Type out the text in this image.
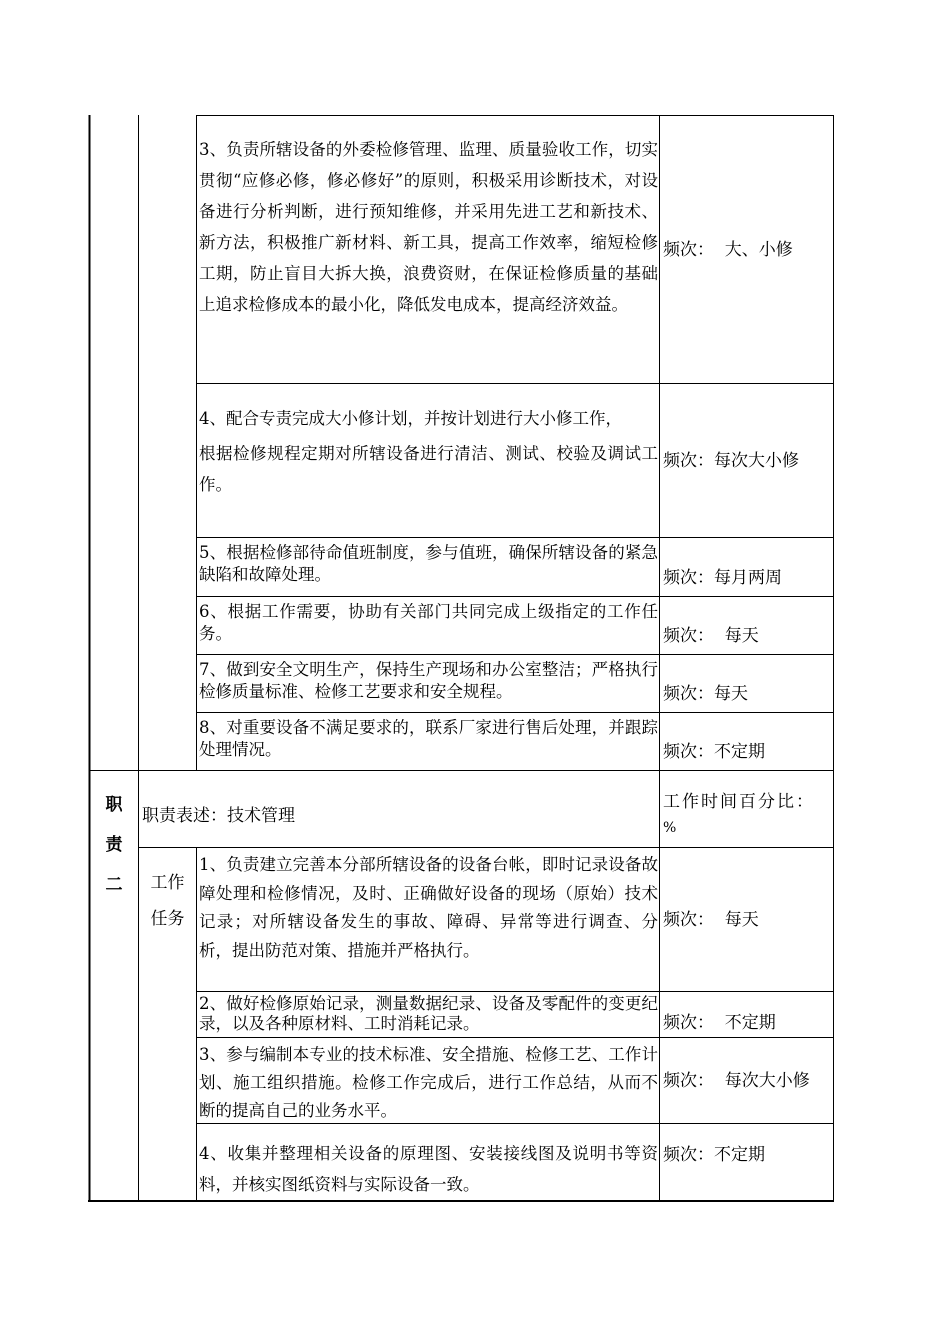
3、负责所辖设备的外委检修管理、监理、质量验收工作，切实贯彻“应修必修，修必修好”的原则，积极采用诊断技术，对设备进行分析判断，进行预知维修，并采用先进工艺和新技术、新方法，积极推广新材料、新工具，提高工作效率，缩短检修工期，防止盲目大拆大换，浪费资财，在保证检修质量的基础上追求检修成本的最小化，降低发电成本，提高经济效益。
频次：  大、小修
4、配合专责完成大小修计划，并按计划进行大小修工作，
根据检修规程定期对所辖设备进行清洁、测试、校验及调试工作。
频次：每次大小修
5、根据检修部待命值班制度，参与值班，确保所辖设备的紧急缺陷和故障处理。	频次：每月两周
6、根据工作需要，协助有关部门共同完成上级指定的工作任务。	频次：  每天
7、做到安全文明生产，保持生产现场和办公室整洁；严格执行检修质量标准、检修工艺要求和安全规程。	频次：每天
8、对重要设备不满足要求的，联系厂家进行售后处理，并跟踪处理情况。	频次：不定期
职
责
二
职责表述：技术管理
工作时间百分比：
%
工作
任务
1、负责建立完善本分部所辖设备的设备台帐，即时记录设备故障处理和检修情况，及时、正确做好设备的现场（原始）技术记录；对所辖设备发生的事故、障碍、异常等进行调查、分析，提出防范对策、措施并严格执行。
频次：  每天
2、做好检修原始记录，测量数据纪录、设备及零配件的变更纪录，以及各种原材料、工时消耗记录。	频次：  不定期
3、参与编制本专业的技术标准、安全措施、检修工艺、工作计划、施工组织措施。检修工作完成后，进行工作总结，从而不断的提高自己的业务水平。
频次：  每次大小修
4、收集并整理相关设备的原理图、安装接线图及说明书等资料，并核实图纸资料与实际设备一致。
频次：不定期
